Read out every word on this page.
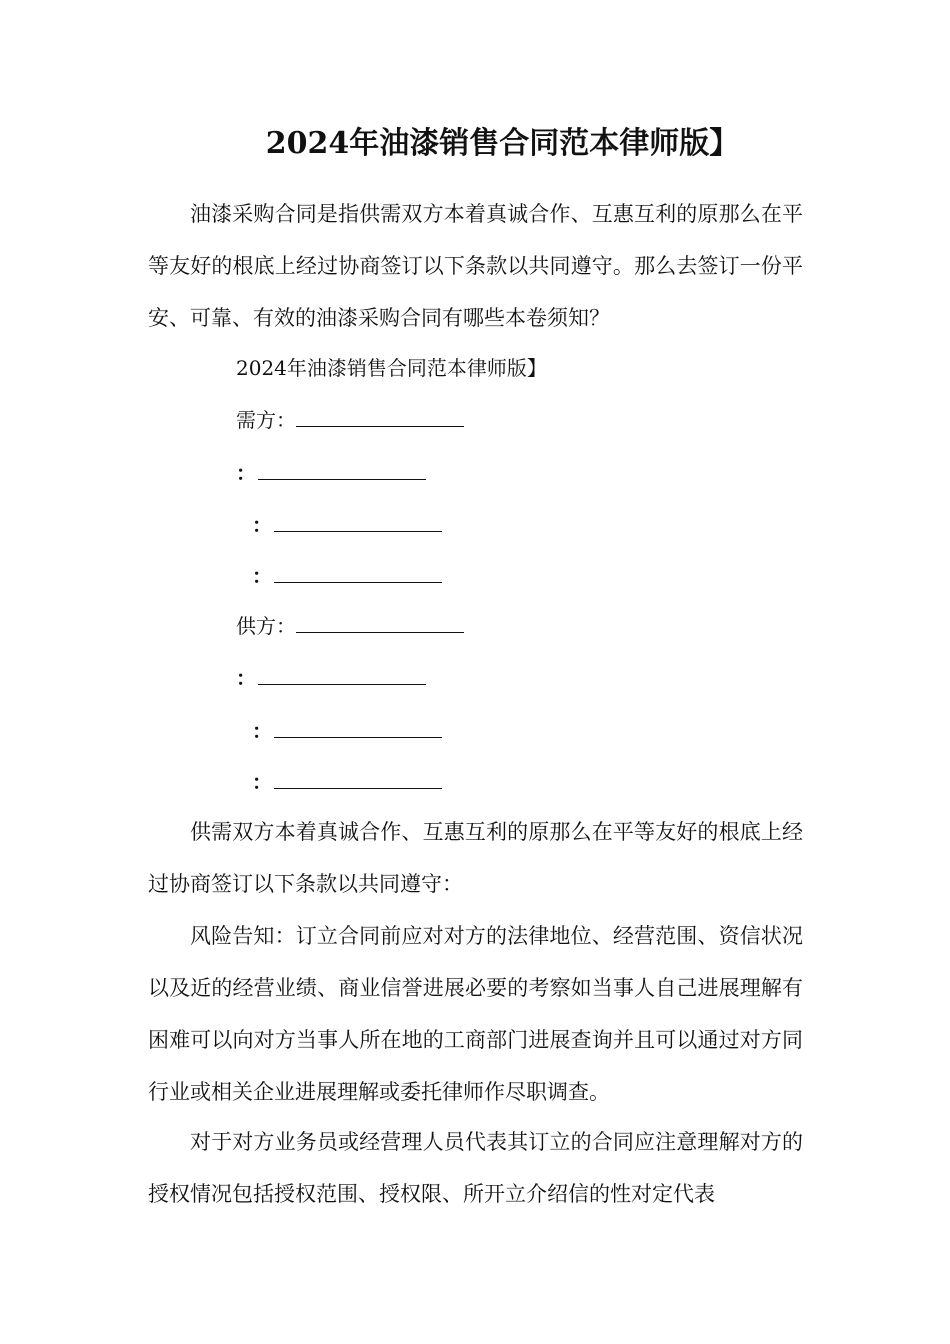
2024年油漆销售合同范本律师版】
油漆采购合同是指供需双方本着真诚合作、互惠互利的原那么在平等友好的根底上经过协商签订以下条款以共同遵守。那么去签订一份平安、可靠、有效的油漆采购合同有哪些本卷须知？
2024年油漆销售合同范本律师版】
需方：
：
：
：
供方：
：
：
：
供需双方本着真诚合作、互惠互利的原那么在平等友好的根底上经过协商签订以下条款以共同遵守：
风险告知：订立合同前应对对方的法律地位、经营范围、资信状况以及近的经营业绩、商业信誉进展必要的考察如当事人自己进展理解有困难可以向对方当事人所在地的工商部门进展查询并且可以通过对方同行业或相关企业进展理解或委托律师作尽职调查。
对于对方业务员或经营理人员代表其订立的合同应注意理解对方的授权情况包括授权范围、授权限、所开立介绍信的性对定代表
